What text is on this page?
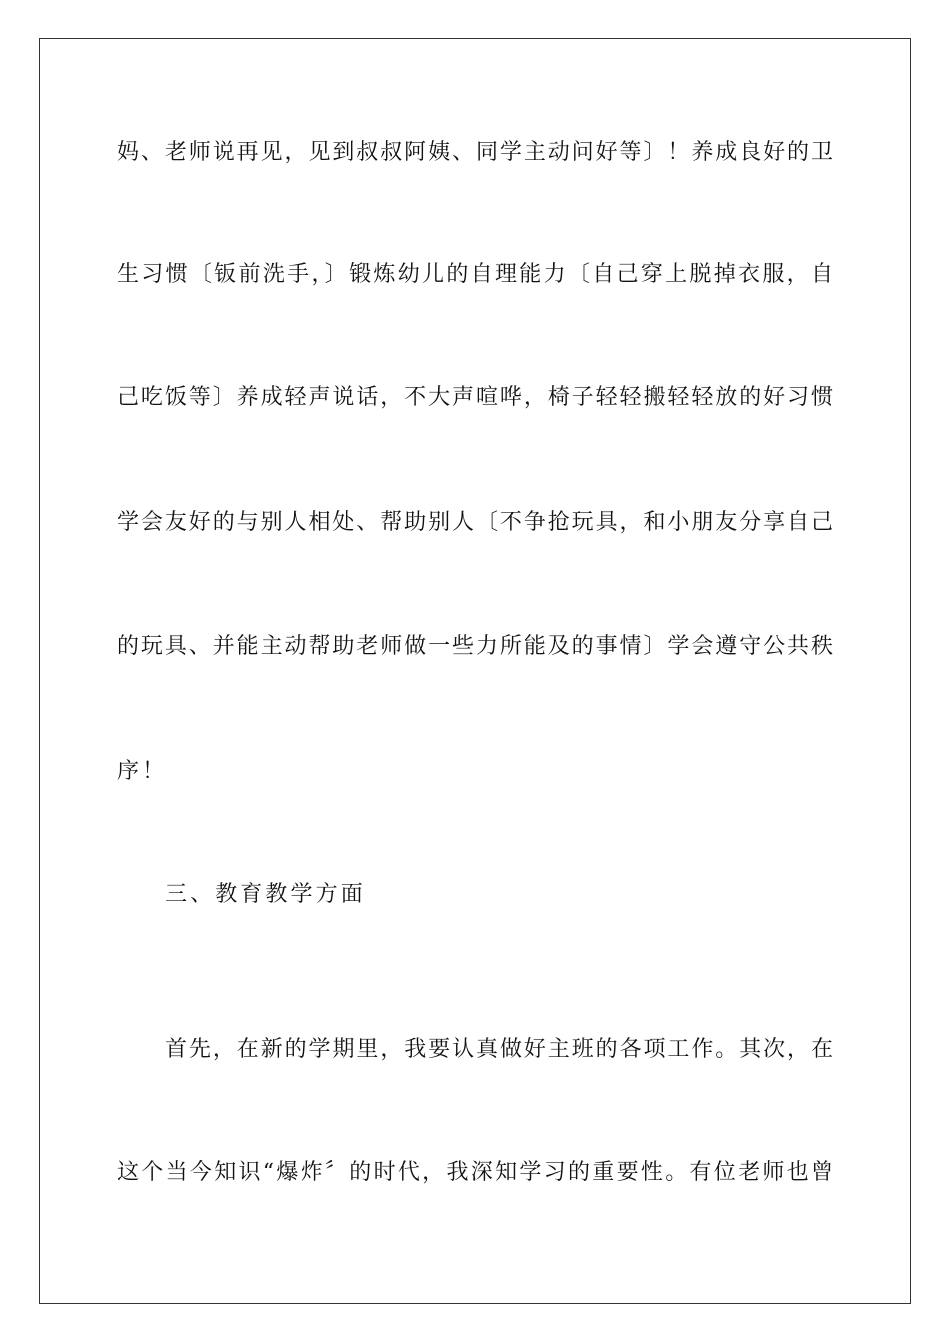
妈、老师说再见，见到叔叔阿姨、同学主动问好等〕！养成良好的卫
生习惯〔钣前洗手，〕锻炼幼儿的自理能力〔自己穿上脱掉衣服，自
己吃饭等〕养成轻声说话，不大声喧哗，椅子轻轻搬轻轻放的好习惯
学会友好的与别人相处、帮助别人〔不争抢玩具，和小朋友分享自己
的玩具、并能主动帮助老师做一些力所能及的事情〕学会遵守公共秩
序！
三、教育教学方面
首先，在新的学期里，我要认真做好主班的各项工作。其次，在
这个当今知识“爆炸〞的时代，我深知学习的重要性。有位老师也曾
